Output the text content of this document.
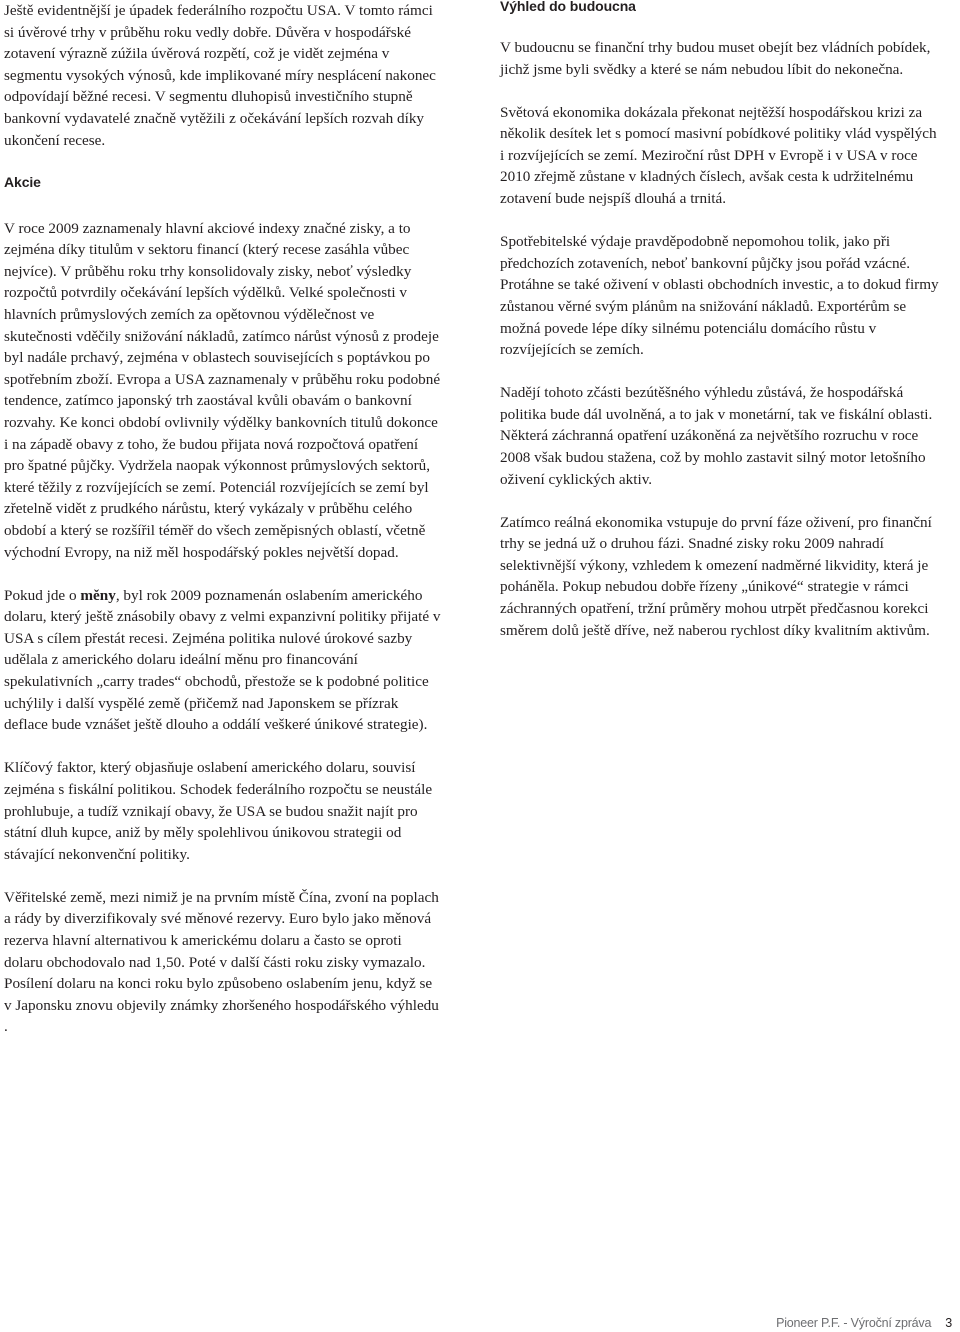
Ještě evidentnější je úpadek federálního rozpočtu USA. V tomto rámci si úvěrové trhy v průběhu roku vedly dobře. Důvěra v hospodářské zotavení výrazně zúžila úvěrová rozpětí, což je vidět zejména v segmentu vysokých výnosů, kde implikované míry nesplácení nakonec odpovídají běžné recesi. V segmentu dluhopisů investičního stupně bankovní vydavatelé značně vytěžili z očekávání lepších rozvah díky ukončení recese.

Akcie

V roce 2009 zaznamenaly hlavní akciové indexy značné zisky, a to zejména díky titulům v sektoru financí (který recese zasáhla vůbec nejvíce). V průběhu roku trhy konsolidovaly zisky, neboť výsledky rozpočtů potvrdily očekávání lepších výdělků. Velké společnosti v hlavních průmyslových zemích za opětovnou výdělečnost ve skutečnosti vděčily snižování nákladů, zatímco nárůst výnosů z prodeje byl nadále prchavý, zejména v oblastech souvisejících s poptávkou po spotřebním zboží. Evropa a USA zaznamenaly v průběhu roku podobné tendence, zatímco japonský trh zaostával kvůli obavám o bankovní rozvahy. Ke konci období ovlivnily výdělky bankovních titulů dokonce i na západě obavy z toho, že budou přijata nová rozpočtová opatření pro špatné půjčky. Vydržela naopak výkonnost průmyslových sektorů, které těžily z rozvíjejících se zemí. Potenciál rozvíjejících se zemí byl zřetelně vidět z prudkého nárůstu, který vykázaly v průběhu celého období a který se rozšířil téměř do všech zeměpisných oblastí, včetně východní Evropy, na niž měl hospodářský pokles největší dopad.

Pokud jde o měny, byl rok 2009 poznamenán oslabením amerického dolaru, který ještě znásobily obavy z velmi expanzivní politiky přijaté v USA s cílem přestát recesi. Zejména politika nulové úrokové sazby udělala z amerického dolaru ideální měnu pro financování spekulativních „carry trades“ obchodů, přestože se k podobné politice uchýlily i další vyspělé země (přičemž nad Japonskem se přízrak deflace bude vznášet ještě dlouho a oddálí veškeré únikové strategie).

Klíčový faktor, který objasňuje oslabení amerického dolaru, souvisí zejména s fiskální politikou. Schodek federálního rozpočtu se neustále prohlubuje, a tudíž vznikají obavy, že USA se budou snažit najít pro státní dluh kupce, aniž by měly spolehlivou únikovou strategii od stávající nekonvenční politiky.

Věřitelské země, mezi nimiž je na prvním místě Čína, zvoní na poplach a rády by diverzifikovaly své měnové rezervy. Euro bylo jako měnová rezerva hlavní alternativou k americkému dolaru a často se oproti dolaru obchodovalo nad 1,50. Poté v další části roku zisky vymazalo. Posílení dolaru na konci roku bylo způsobeno oslabením jenu, když se v Japonsku znovu objevily známky zhoršeného hospodářského výhledu .

Výhled do budoucna

V budoucnu se finanční trhy budou muset obejít bez vládních pobídek, jichž jsme byli svědky a které se nám nebudou líbit do nekonečna.

Světová ekonomika dokázala překonat nejtěžší hospodářskou krizi za několik desítek let s pomocí masivní pobídkové politiky vlád vyspělých i rozvíjejících se zemí. Meziroční růst DPH v Evropě i v USA v roce 2010 zřejmě zůstane v kladných číslech, avšak cesta k udržitelnému zotavení bude nejspíš dlouhá a trnitá.

Spotřebitelské výdaje pravděpodobně nepomohou tolik, jako při předchozích zotaveních, neboť bankovní půjčky jsou pořád vzácné. Protáhne se také oživení v oblasti obchodních investic, a to dokud firmy zůstanou věrné svým plánům na snižování nákladů. Exportérům se možná povede lépe díky silnému potenciálu domácího růstu v rozvíjejících se zemích.

Nadějí tohoto zčásti bezútěšného výhledu zůstává, že hospodářská politika bude dál uvolněná, a to jak v monetární, tak ve fiskální oblasti. Některá záchranná opatření uzákoněná za největšího rozruchu v roce 2008 však budou stažena, což by mohlo zastavit silný motor letošního oživení cyklických aktiv.

Zatímco reálná ekonomika vstupuje do první fáze oživení, pro finanční trhy se jedná už o druhou fázi. Snadné zisky roku 2009 nahradí selektivnější výkony, vzhledem k omezení nadměrné likvidity, která je poháněla. Pokup nebudou dobře řízeny „únikové“ strategie v rámci záchranných opatření, tržní průměry mohou utrpět předčasnou korekci směrem dolů ještě dříve, než naberou rychlost díky kvalitním aktivům.

Pioneer P.F. - Výroční zpráva 3
